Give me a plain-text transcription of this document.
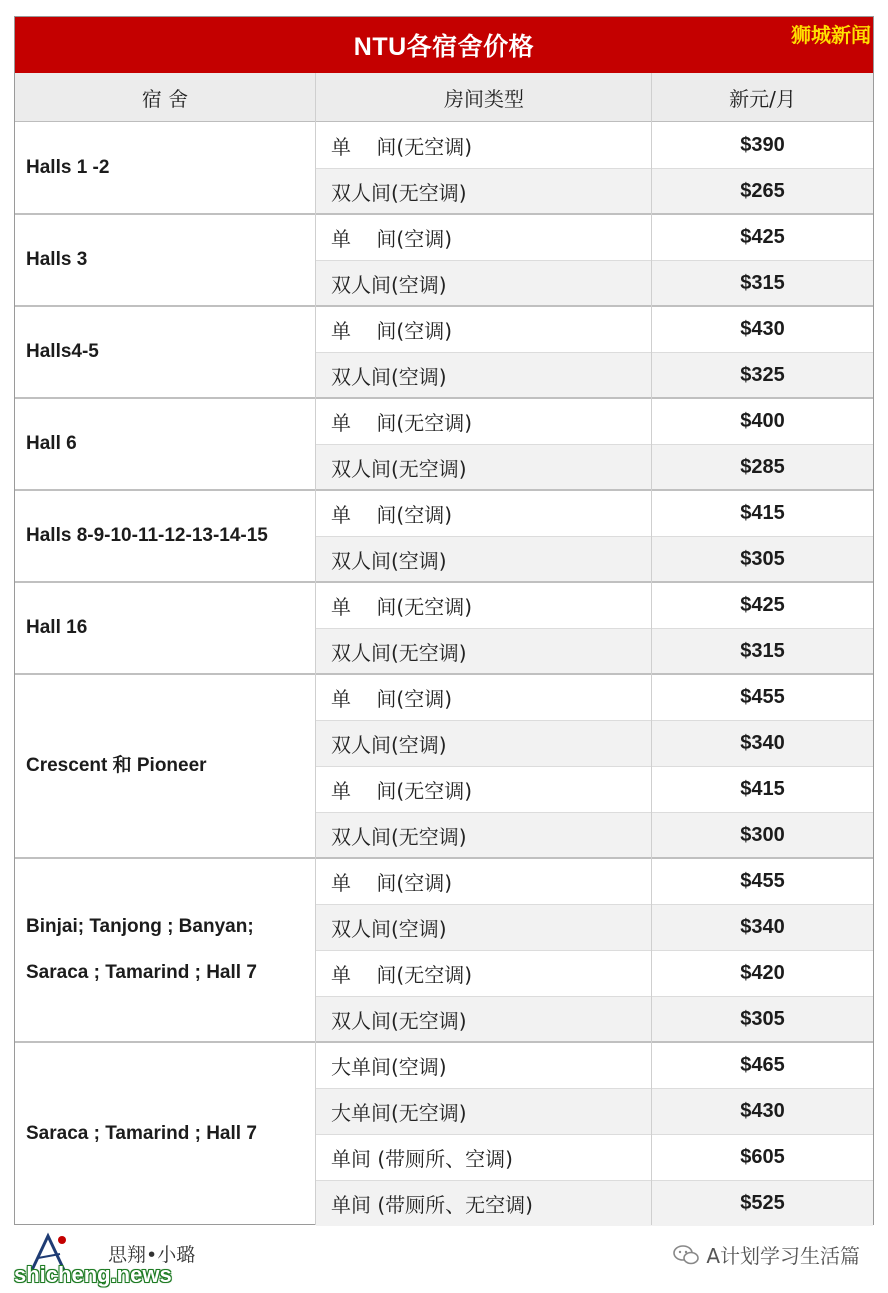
NTU各宿舍价格	狮城新闻
宿 舍	房间类型	新元/月
Halls 1 -2
单    间(无空调)	$390
双人间(无空调)	$265
Halls 3
单    间(空调)	$425
双人间(空调)	$315
Halls4-5
单    间(空调)	$430
双人间(空调)	$325
Hall 6
单    间(无空调)	$400
双人间(无空调)	$285
Halls 8-9-10-11-12-13-14-15
单    间(空调)	$415
双人间(空调)	$305
Hall 16
单    间(无空调)	$425
双人间(无空调)	$315
Crescent 和 Pioneer
单    间(空调)	$455
双人间(空调)	$340
单    间(无空调)	$415
双人间(无空调)	$300
Binjai; Tanjong ; Banyan;
Saraca ; Tamarind ; Hall 7
单    间(空调)	$455
双人间(空调)	$340
单    间(无空调)	$420
双人间(无空调)	$305
Saraca ; Tamarind ; Hall 7
大单间(空调)	$465
大单间(无空调)	$430
单间 (带厕所、空调)	$605
单间 (带厕所、无空调)	$525
思翔•小璐
shicheng.news
A计划学习生活篇
